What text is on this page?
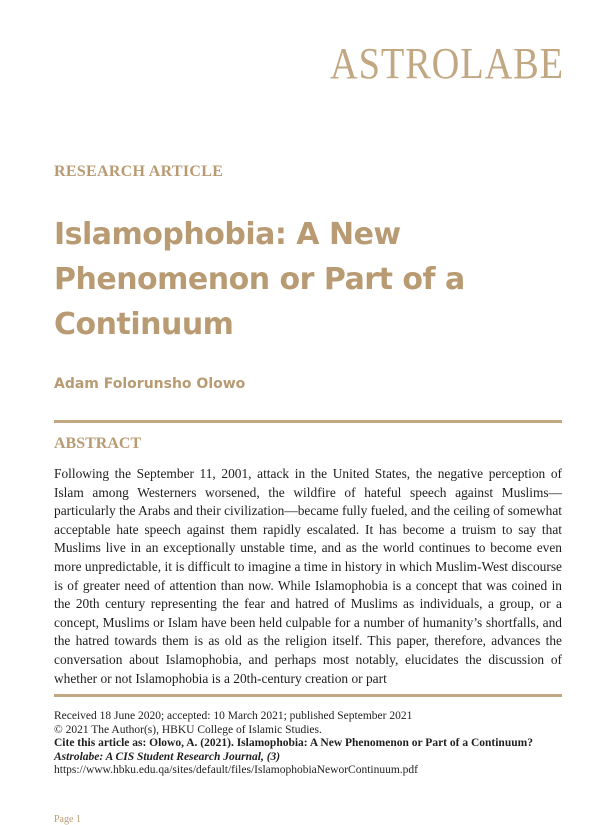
ASTROLABE
RESEARCH ARTICLE
Islamophobia: A New Phenomenon or Part of a Continuum

Adam Folorunsho Olowo

ABSTRACT

Following the September 11, 2001, attack in the United States, the negative perception of Islam among Westerners worsened, the wildfire of hateful speech against Muslims—particularly the Arabs and their civilization—became fully fueled, and the ceiling of somewhat acceptable hate speech against them rapidly escalated. It has become a truism to say that Muslims live in an exceptionally unstable time, and as the world continues to become even more unpredictable, it is difficult to imagine a time in history in which Muslim-West discourse is of greater need of attention than now. While Islamophobia is a concept that was coined in the 20th century representing the fear and hatred of Muslims as individuals, a group, or a concept, Muslims or Islam have been held culpable for a number of humanity’s shortfalls, and the hatred towards them is as old as the religion itself. This paper, therefore, advances the conversation about Islamophobia, and perhaps most notably, elucidates the discussion of whether or not Islamophobia is a 20th-century creation or part

Received 18 June 2020; accepted: 10 March 2021; published September 2021
© 2021 The Author(s), HBKU College of Islamic Studies.
Cite this article as: Olowo, A. (2021). Islamophobia: A New Phenomenon or Part of a Continuum?
Astrolabe: A CIS Student Research Journal, (3)
https://www.hbku.edu.qa/sites/default/files/IslamophobiaNeworContinuum.pdf
Page 1
